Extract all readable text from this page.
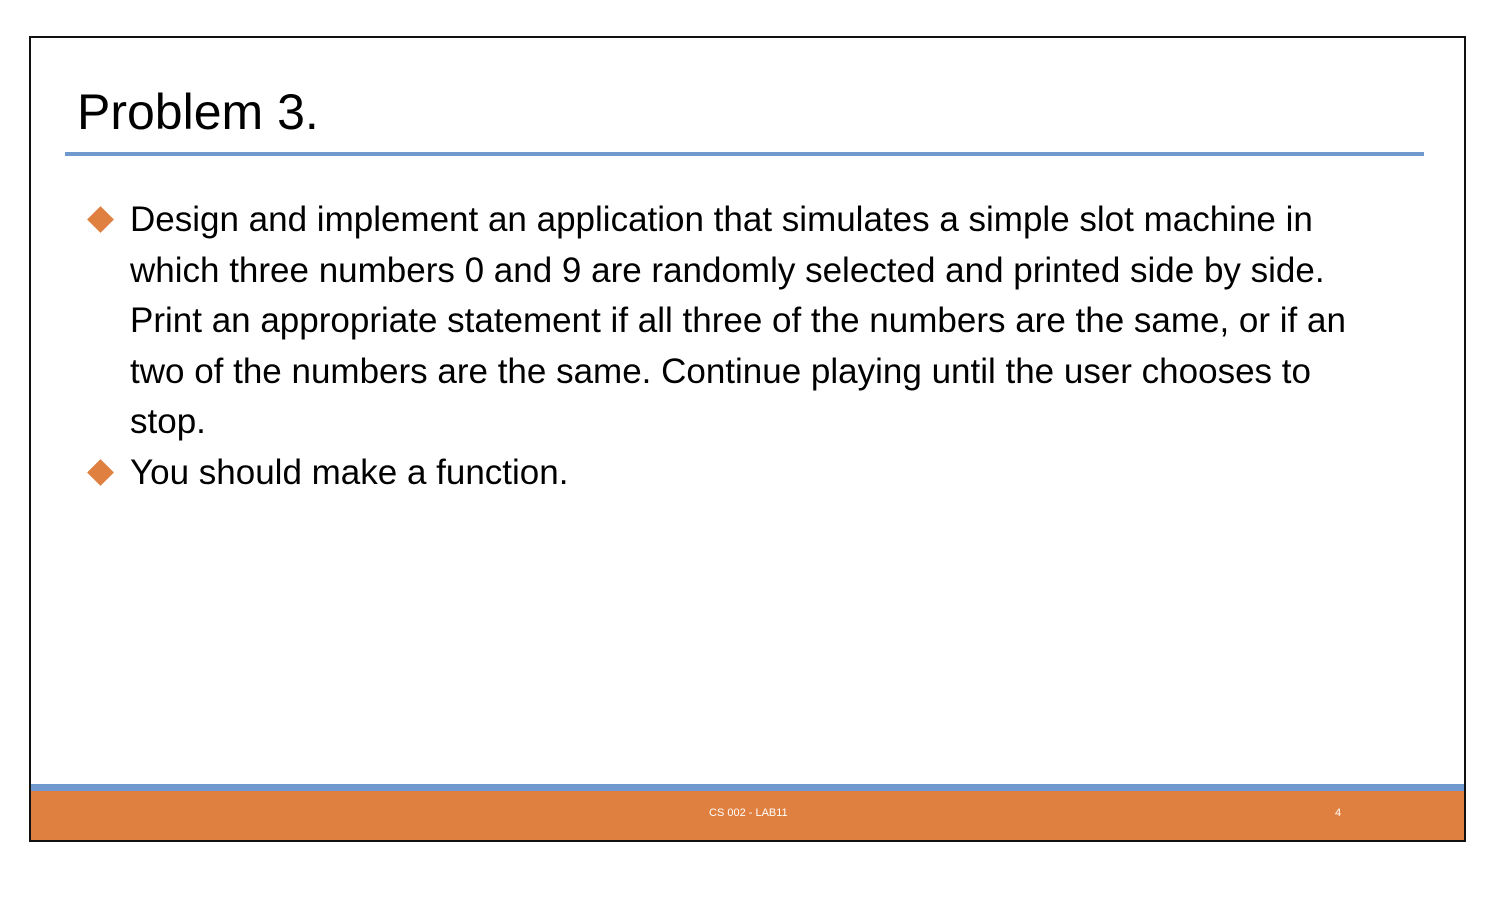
Problem 3.
Design and implement an application that simulates a simple slot machine in which three numbers 0 and 9 are randomly selected and printed side by side. Print an appropriate statement if all three of the numbers are the same, or if an two of the numbers are the same. Continue playing until the user chooses to stop.
You should make a function.
CS 002 - LAB11	4
